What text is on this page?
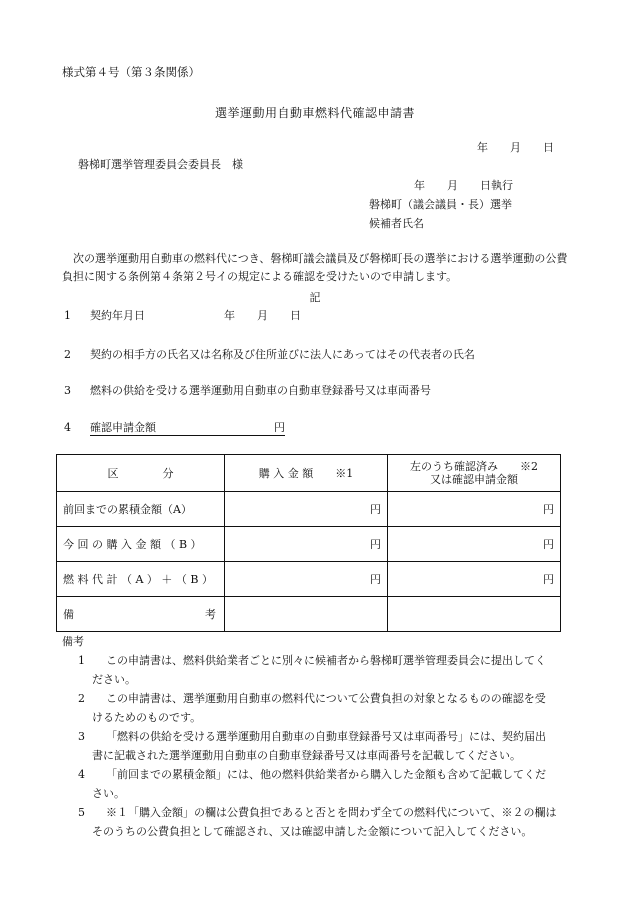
様式第４号（第３条関係）
選挙運動用自動車燃料代確認申請書
年　　月　　日
磐梯町選挙管理委員会委員長　様
年　　月　　日執行
磐梯町（議会議員・長）選挙
候補者氏名
次の選挙運動用自動車の燃料代につき、磐梯町議会議員及び磐梯町長の選挙における選挙運動の公費負担に関する条例第４条第２号イの規定による確認を受けたいので申請します。
記
1 契約年月日	年　　月　　日
2 契約の相手方の氏名又は名称及び住所並びに法人にあってはその代表者の氏名
3 燃料の供給を受ける選挙運動用自動車の自動車登録番号又は車両番号
4 確認申請金額	円
区　　　　分	購 入 金 額　　※1	左のうち確認済み　　※2
又は確認申請金額

前回までの累積金額（A）	円	円
今 回 の 購 入 金 額 （ B ）	円	円
燃 料 代 計 （ A ） ＋ （ B ）	円	円
備 考		

備考
1 この申請書は、燃料供給業者ごとに別々に候補者から磐梯町選挙管理委員会に提出してく
ださい。
2 この申請書は、選挙運動用自動車の燃料代について公費負担の対象となるものの確認を受
けるためのものです。
3 「燃料の供給を受ける選挙運動用自動車の自動車登録番号又は車両番号」には、契約届出
書に記載された選挙運動用自動車の自動車登録番号又は車両番号を記載してください。
4 「前回までの累積金額」には、他の燃料供給業者から購入した金額も含めて記載してくだ
さい。
5 ※１「購入金額」の欄は公費負担であると否とを問わず全ての燃料代について、※２の欄は
そのうちの公費負担として確認され、又は確認申請した金額について記入してください。
